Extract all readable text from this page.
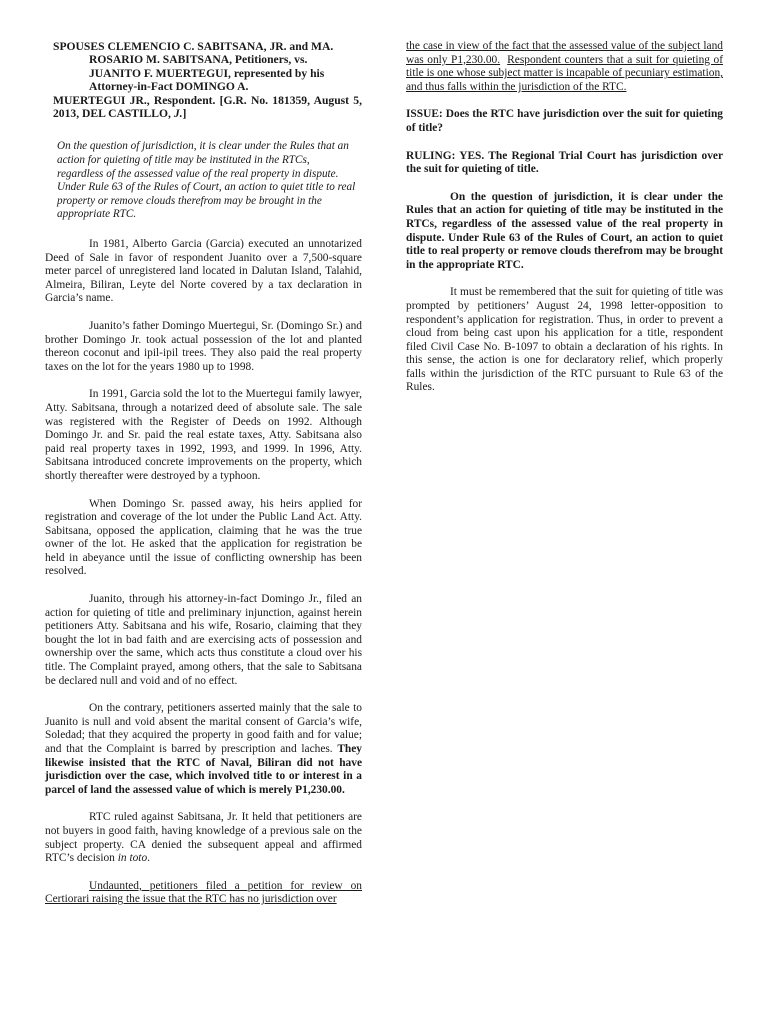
SPOUSES CLEMENCIO C. SABITSANA, JR. and MA.
ROSARIO M. SABITSANA, Petitioners, vs.
JUANITO F. MUERTEGUI, represented by his
Attorney-in-Fact DOMINGO A.
MUERTEGUI JR., Respondent. [G.R. No. 181359, August 5, 2013, DEL CASTILLO, J.]

On the question of jurisdiction, it is clear under the Rules that an action for quieting of title may be instituted in the RTCs, regardless of the assessed value of the real property in dispute. Under Rule 63 of the Rules of Court, an action to quiet title to real property or remove clouds therefrom may be brought in the appropriate RTC.

In 1981, Alberto Garcia (Garcia) executed an unnotarized Deed of Sale in favor of respondent Juanito over a 7,500-square meter parcel of unregistered land located in Dalutan Island, Talahid, Almeira, Biliran, Leyte del Norte covered by a tax declaration in Garcia’s name.

Juanito’s father Domingo Muertegui, Sr. (Domingo Sr.) and brother Domingo Jr. took actual possession of the lot and planted thereon coconut and ipil-ipil trees. They also paid the real property taxes on the lot for the years 1980 up to 1998.

In 1991, Garcia sold the lot to the Muertegui family lawyer, Atty. Sabitsana, through a notarized deed of absolute sale. The sale was registered with the Register of Deeds on 1992. Although Domingo Jr. and Sr. paid the real estate taxes, Atty. Sabitsana also paid real property taxes in 1992, 1993, and 1999. In 1996, Atty. Sabitsana introduced concrete improvements on the property, which shortly thereafter were destroyed by a typhoon.

When Domingo Sr. passed away, his heirs applied for registration and coverage of the lot under the Public Land Act. Atty. Sabitsana, opposed the application, claiming that he was the true owner of the lot. He asked that the application for registration be held in abeyance until the issue of conflicting ownership has been resolved.

Juanito, through his attorney-in-fact Domingo Jr., filed an action for quieting of title and preliminary injunction, against herein petitioners Atty. Sabitsana and his wife, Rosario, claiming that they bought the lot in bad faith and are exercising acts of possession and ownership over the same, which acts thus constitute a cloud over his title. The Complaint prayed, among others, that the sale to Sabitsana be declared null and void and of no effect.

On the contrary, petitioners asserted mainly that the sale to Juanito is null and void absent the marital consent of Garcia’s wife, Soledad; that they acquired the property in good faith and for value; and that the Complaint is barred by prescription and laches. They likewise insisted that the RTC of Naval, Biliran did not have jurisdiction over the case, which involved title to or interest in a parcel of land the assessed value of which is merely P1,230.00.

RTC ruled against Sabitsana, Jr. It held that petitioners are not buyers in good faith, having knowledge of a previous sale on the subject property. CA denied the subsequent appeal and affirmed RTC’s decision in toto.

Undaunted, petitioners filed a petition for review on Certiorari raising the issue that the RTC has no jurisdiction over

the case in view of the fact that the assessed value of the subject land was only P1,230.00. Respondent counters that a suit for quieting of title is one whose subject matter is incapable of pecuniary estimation, and thus falls within the jurisdiction of the RTC.

ISSUE: Does the RTC have jurisdiction over the suit for quieting of title?

RULING: YES. The Regional Trial Court has jurisdiction over the suit for quieting of title.

On the question of jurisdiction, it is clear under the Rules that an action for quieting of title may be instituted in the RTCs, regardless of the assessed value of the real property in dispute. Under Rule 63 of the Rules of Court, an action to quiet title to real property or remove clouds therefrom may be brought in the appropriate RTC.

It must be remembered that the suit for quieting of title was prompted by petitioners’ August 24, 1998 letter-opposition to respondent’s application for registration. Thus, in order to prevent a cloud from being cast upon his application for a title, respondent filed Civil Case No. B-1097 to obtain a declaration of his rights. In this sense, the action is one for declaratory relief, which properly falls within the jurisdiction of the RTC pursuant to Rule 63 of the Rules.
